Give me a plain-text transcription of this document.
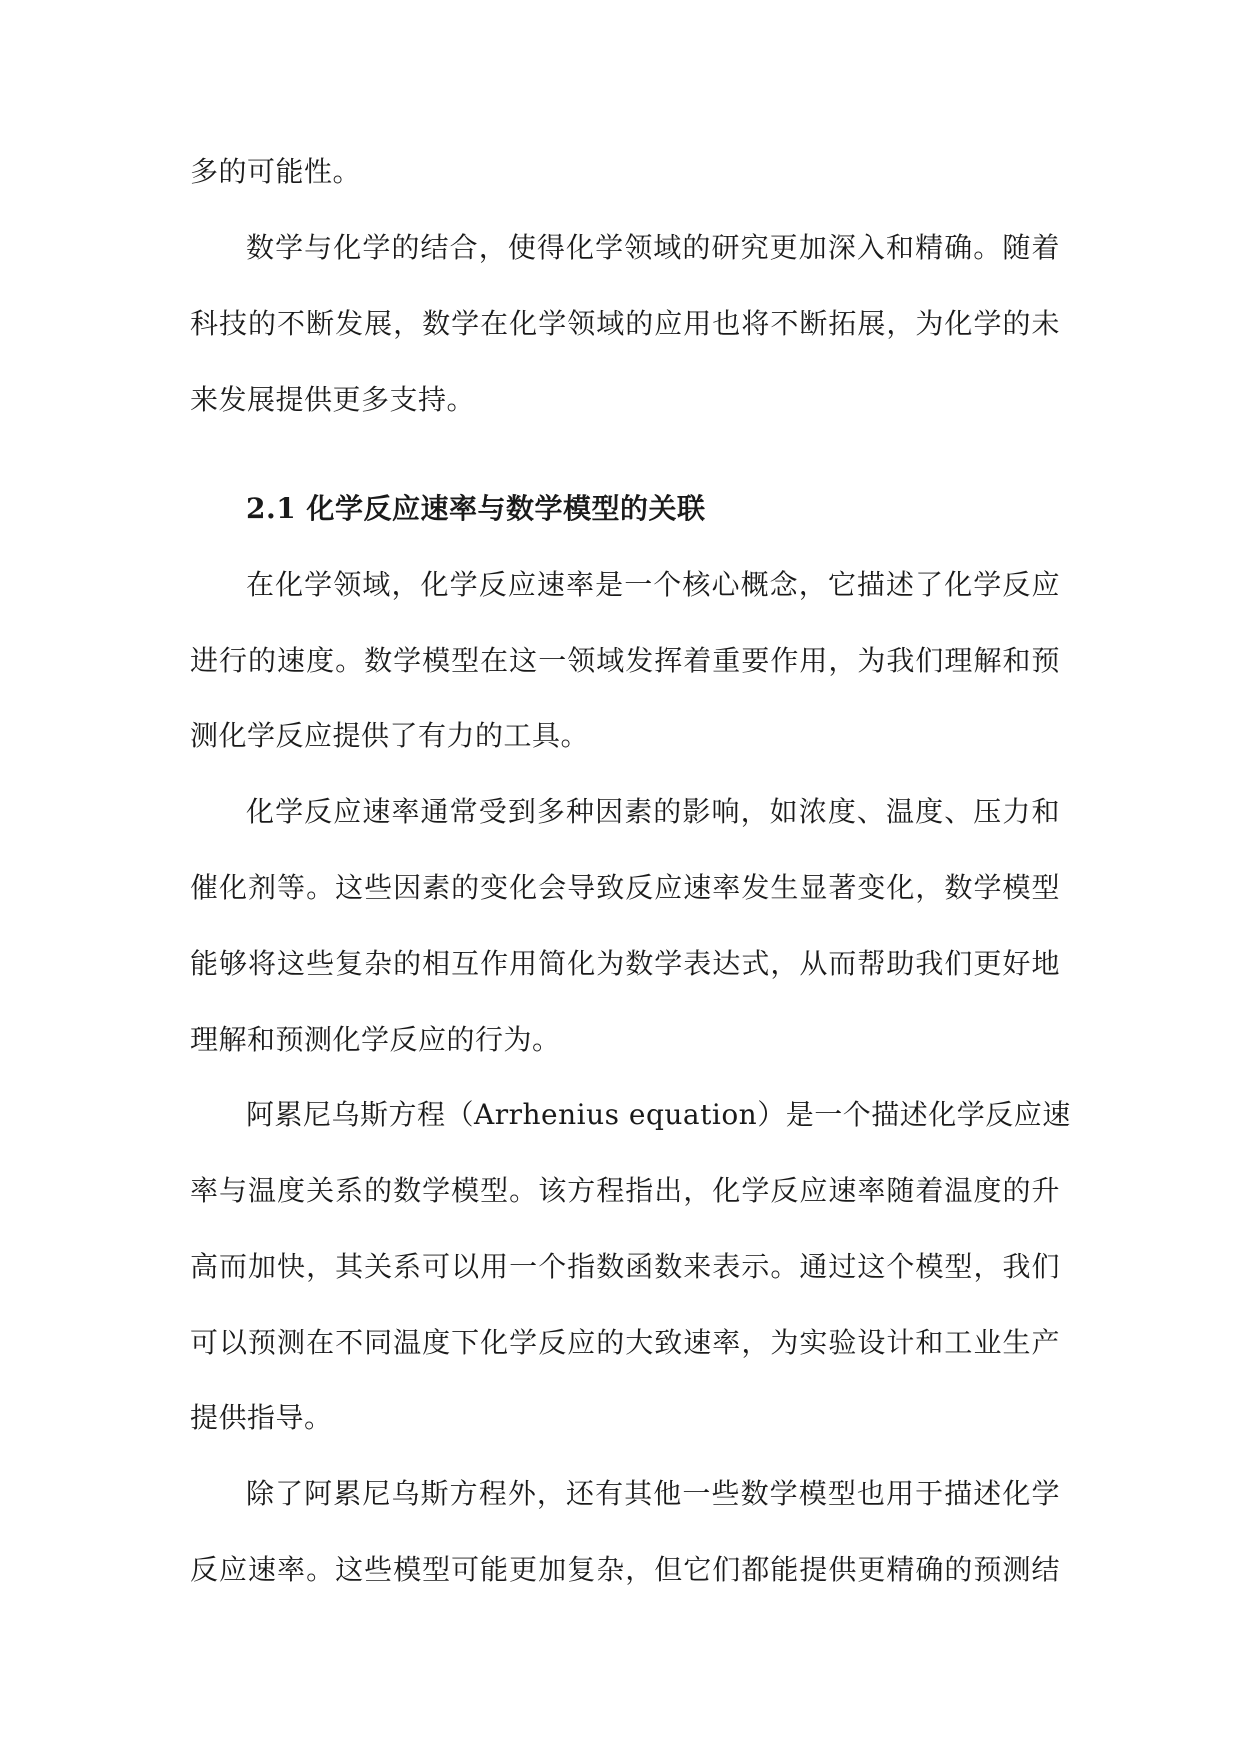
多的可能性。
数学与化学的结合，使得化学领域的研究更加深入和精确。随着
科技的不断发展，数学在化学领域的应用也将不断拓展，为化学的未
来发展提供更多支持。
2.1 化学反应速率与数学模型的关联
在化学领域，化学反应速率是一个核心概念，它描述了化学反应
进行的速度。数学模型在这一领域发挥着重要作用，为我们理解和预
测化学反应提供了有力的工具。
化学反应速率通常受到多种因素的影响，如浓度、温度、压力和
催化剂等。这些因素的变化会导致反应速率发生显著变化，数学模型
能够将这些复杂的相互作用简化为数学表达式，从而帮助我们更好地
理解和预测化学反应的行为。
阿累尼乌斯方程（Arrhenius equation）是一个描述化学反应速
率与温度关系的数学模型。该方程指出，化学反应速率随着温度的升
高而加快，其关系可以用一个指数函数来表示。通过这个模型，我们
可以预测在不同温度下化学反应的大致速率，为实验设计和工业生产
提供指导。
除了阿累尼乌斯方程外，还有其他一些数学模型也用于描述化学
反应速率。这些模型可能更加复杂，但它们都能提供更精确的预测结
